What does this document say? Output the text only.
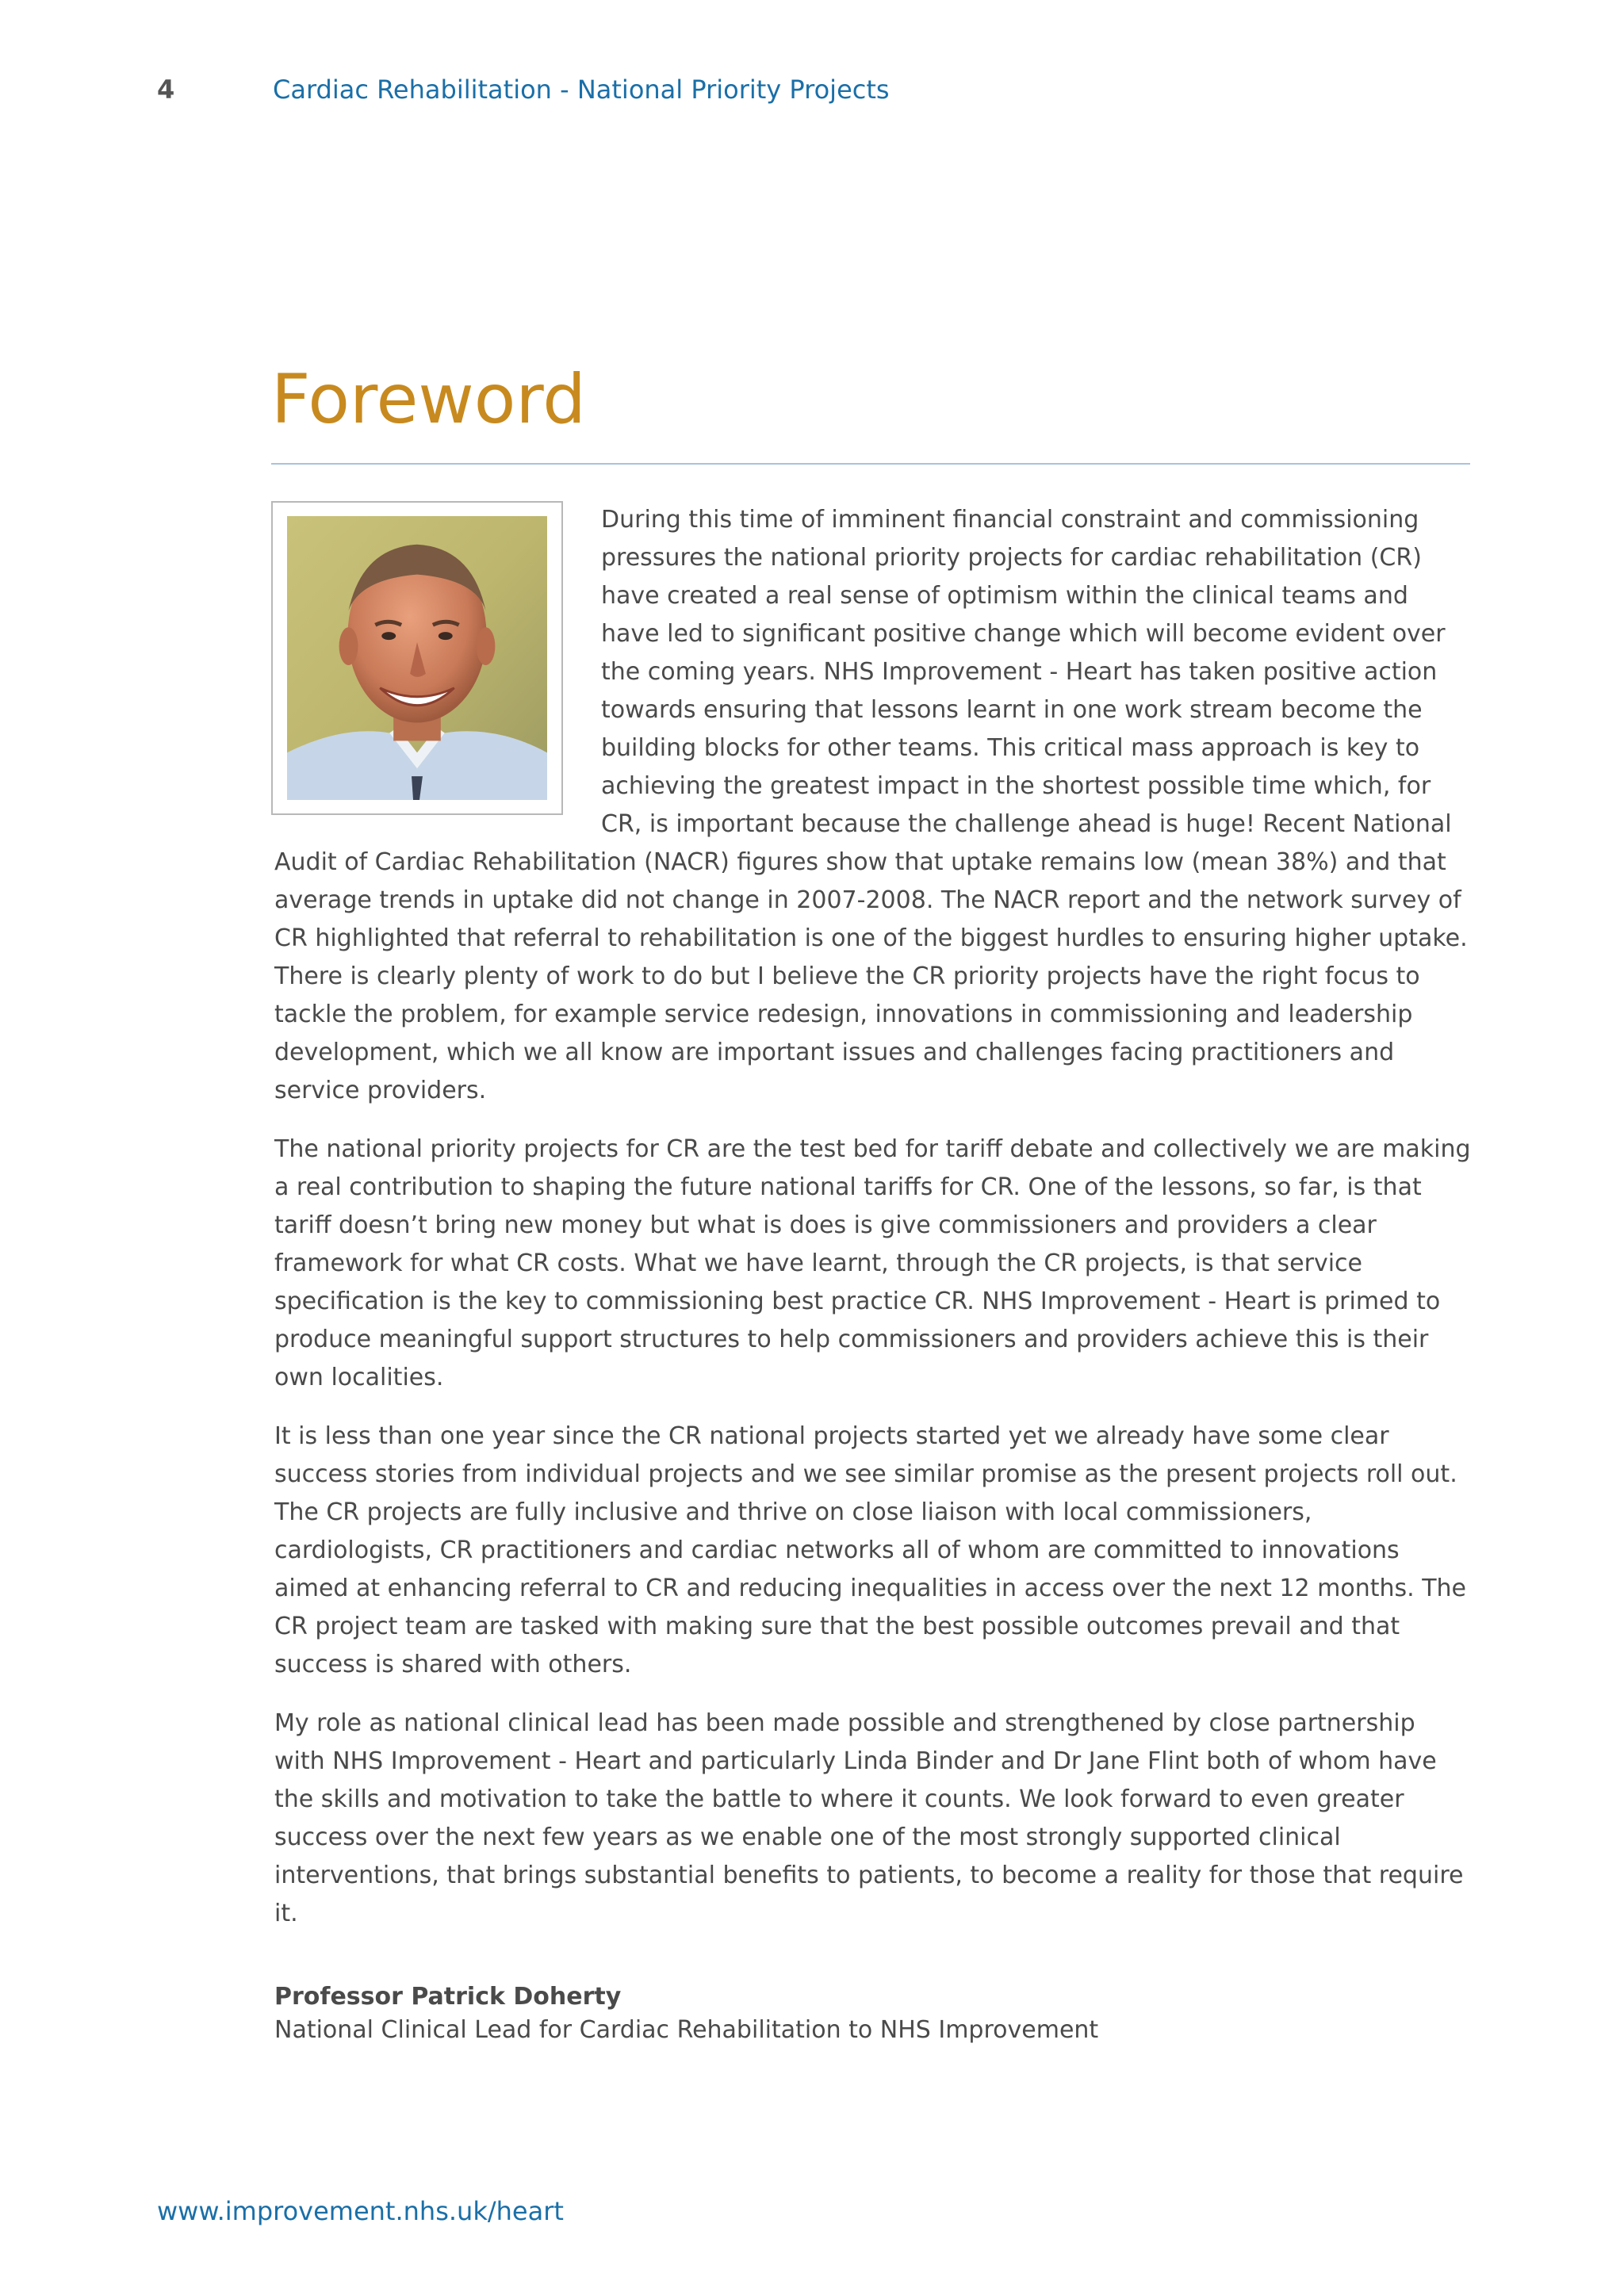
4	Cardiac Rehabilitation - National Priority Projects
Foreword

During this time of imminent financial constraint and commissioning pressures the national priority projects for cardiac rehabilitation (CR) have created a real sense of optimism within the clinical teams and have led to significant positive change which will become evident over the coming years. NHS Improvement - Heart has taken positive action towards ensuring that lessons learnt in one work stream become the building blocks for other teams. This critical mass approach is key to achieving the greatest impact in the shortest possible time which, for CR, is important because the challenge ahead is huge! Recent National Audit of Cardiac Rehabilitation (NACR) figures show that uptake remains low (mean 38%) and that average trends in uptake did not change in 2007-2008. The NACR report and the network survey of CR highlighted that referral to rehabilitation is one of the biggest hurdles to ensuring higher uptake. There is clearly plenty of work to do but I believe the CR priority projects have the right focus to tackle the problem, for example service redesign, innovations in commissioning and leadership development, which we all know are important issues and challenges facing practitioners and service providers.

The national priority projects for CR are the test bed for tariff debate and collectively we are making a real contribution to shaping the future national tariffs for CR. One of the lessons, so far, is that tariff doesn’t bring new money but what is does is give commissioners and providers a clear framework for what CR costs. What we have learnt, through the CR projects, is that service specification is the key to commissioning best practice CR. NHS Improvement - Heart is primed to produce meaningful support structures to help commissioners and providers achieve this is their own localities.

It is less than one year since the CR national projects started yet we already have some clear success stories from individual projects and we see similar promise as the present projects roll out. The CR projects are fully inclusive and thrive on close liaison with local commissioners, cardiologists, CR practitioners and cardiac networks all of whom are committed to innovations aimed at enhancing referral to CR and reducing inequalities in access over the next 12 months. The CR project team are tasked with making sure that the best possible outcomes prevail and that success is shared with others.

My role as national clinical lead has been made possible and strengthened by close partnership with NHS Improvement - Heart and particularly Linda Binder and Dr Jane Flint both of whom have the skills and motivation to take the battle to where it counts. We look forward to even greater success over the next few years as we enable one of the most strongly supported clinical interventions, that brings substantial benefits to patients, to become a reality for those that require it.

Professor Patrick Doherty
National Clinical Lead for Cardiac Rehabilitation to NHS Improvement
www.improvement.nhs.uk/heart
